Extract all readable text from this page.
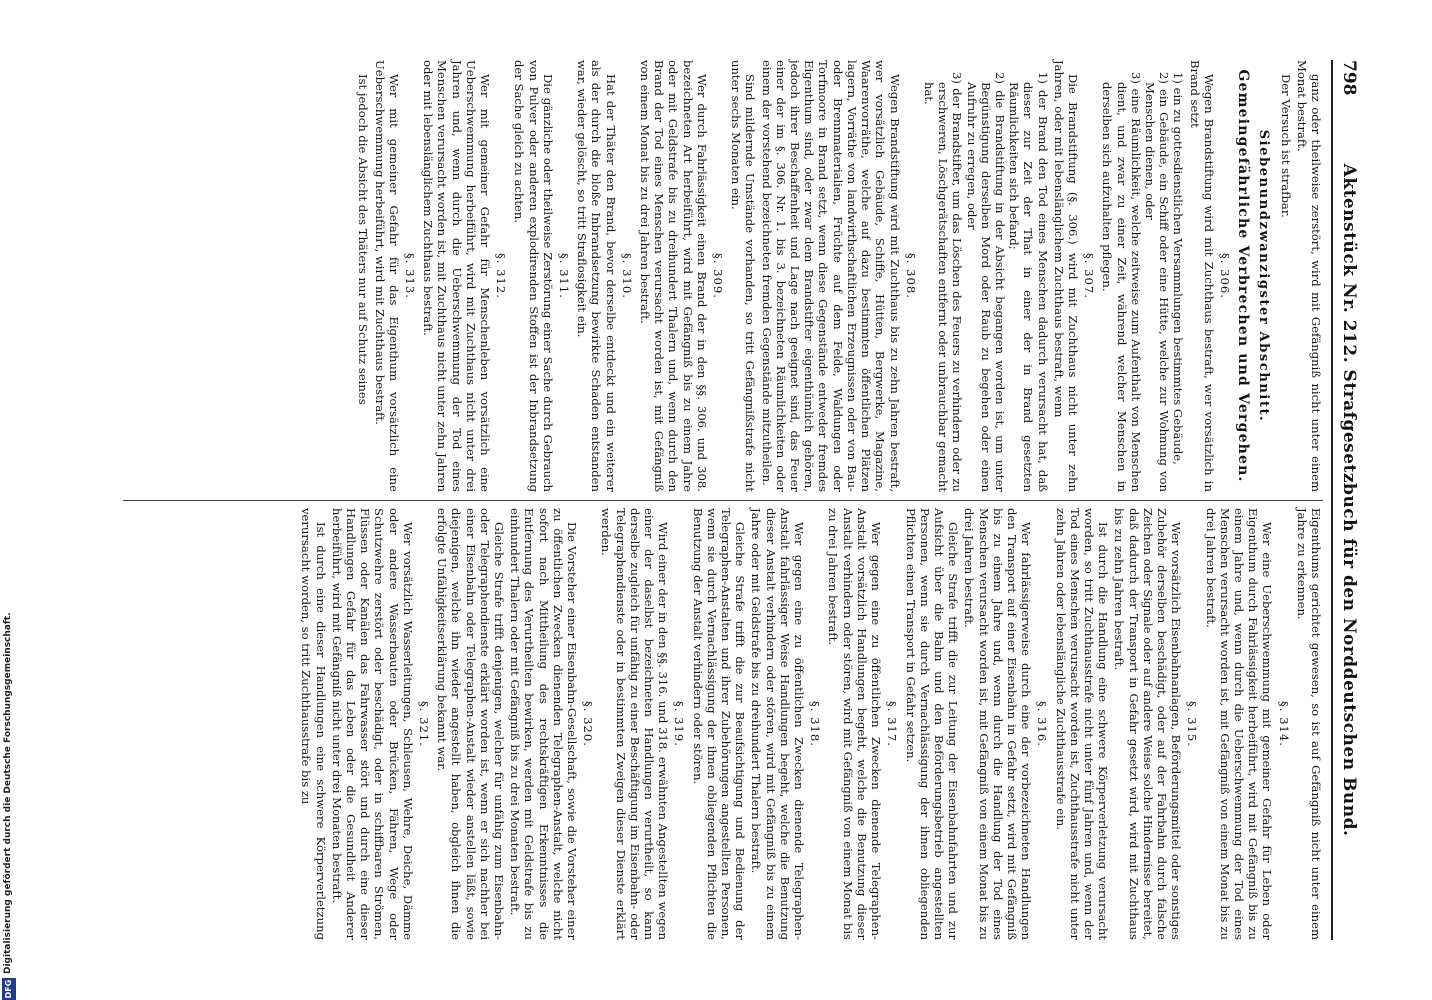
798
Aktenstück Nr. 212. Strafgesetzbuch für den Norddeutschen Bund.

ganz oder theilweise zerstört, wird mit Gefängniß nicht unter einem Monat bestraft.

Der Versuch ist strafbar.

Siebenundzwanzigster Abschnitt.
Gemeingefährliche Verbrechen und Vergehen.
§. 306.

Wegen Brandstiftung wird mit Zuchthaus bestraft, wer vorsätzlich in Brand setzt

1) ein zu gottesdienstlichen Versammlungen bestimmtes Gebäude,
2) ein Gebäude, ein Schiff oder eine Hütte, welche zur Wohnung von Menschen dienen, oder
3) eine Räumlichkeit, welche zeitweise zum Aufenthalt von Menschen dient, und zwar zu einer Zeit, während welcher Menschen in derselben sich aufzuhalten pflegen.
§. 307.

Die Brandstiftung (§. 306.) wird mit Zuchthaus nicht unter zehn Jahren, oder mit lebenslänglichem Zuchthaus bestraft, wenn

1) der Brand den Tod eines Menschen dadurch verursacht hat, daß dieser zur Zeit der That in einer der in Brand gesetzten Räumlichkeiten sich befand;
2) die Brandstiftung in der Absicht begangen worden ist, um unter Begünstigung derselben Mord oder Raub zu begehen oder einen Aufruhr zu erregen, oder
3) der Brandstifter, um das Löschen des Feuers zu verhindern oder zu erschweren, Löschgerätschaften entfernt oder unbrauchbar gemacht hat.
§. 308.

Wegen Brandstiftung wird mit Zuchthaus bis zu zehn Jahren bestraft, wer vorsätzlich Gebäude, Schiffe, Hütten, Bergwerke, Magazine, Waarenvorräthe, welche auf dazu bestimmten öffentlichen Plätzen lagern, Vorräthe von landwirthschaftlichen Erzeugnissen oder von Bau- oder Brennmaterialien, Früchte auf dem Felde, Waldungen oder Torfmoore in Brand setzt, wenn diese Gegenstände entweder fremdes Eigenthum sind, oder zwar dem Brandstifter eigenthümlich gehören, jedoch ihrer Beschaffenheit und Lage nach geeignet sind, das Feuer einer der im §. 306. Nr. 1. bis 3. bezeichneten Räumlichkeiten oder einem der vorstehend bezeichneten fremden Gegenstände mitzutheilen.

Sind mildernde Umstände vorhanden, so tritt Gefängnißstrafe nicht unter sechs Monaten ein.

§. 309.

Wer durch Fahrlässigkeit einen Brand der in den §§. 306. und 308. bezeichneten Art herbeiführt, wird mit Gefängniß bis zu einem Jahre oder mit Geldstrafe bis zu dreihundert Thalern und, wenn durch den Brand der Tod eines Menschen verursacht worden ist, mit Gefängniß von einem Monat bis zu drei Jahren bestraft.

§. 310.

Hat der Thäter den Brand, bevor derselbe entdeckt und ein weiterer als der durch die bloße Inbrandsetzung bewirkte Schaden entstanden war, wieder gelöscht, so tritt Straflosigkeit ein.

§. 311.

Die gänzliche oder theilweise Zerstörung einer Sache durch Gebrauch von Pulver oder anderen explodirenden Stoffen ist der Inbrandsetzung der Sache gleich zu achten.

§. 312.

Wer mit gemeiner Gefahr für Menschenleben vorsätzlich eine Ueberschwemmung herbeiführt, wird mit Zuchthaus nicht unter drei Jahren und, wenn durch die Ueberschwemmung der Tod eines Menschen verursacht worden ist, mit Zuchthaus nicht unter zehn Jahren oder mit lebenslänglichem Zuchthaus bestraft.

§. 313.

Wer mit gemeiner Gefahr für das Eigenthum vorsätzlich eine Ueberschwemmung herbeiführt, wird mit Zuchthaus bestraft.

Ist jedoch die Absicht des Thäters nur auf Schutz seines

Eigenthums gerichtet gewesen, so ist auf Gefängniß nicht unter einem Jahre zu erkennen.

§. 314.

Wer eine Ueberschwemmung mit gemeiner Gefahr für Leben oder Eigenthum durch Fahrlässigkeit herbeiführt, wird mit Gefängniß bis zu einem Jahre und, wenn durch die Ueberschwemmung der Tod eines Menschen verursacht worden ist, mit Gefängniß von einem Monat bis zu drei Jahren bestraft.

§. 315.

Wer vorsätzlich Eisenbahnanlagen, Beförderungsmittel oder sonstiges Zubehör derselben beschädigt, oder auf der Fahrbahn durch falsche Zeichen oder Signale oder auf andere Weise solche Hindernisse bereitet, daß dadurch der Transport in Gefahr gesetzt wird, wird mit Zuchthaus bis zu zehn Jahren bestraft.

Ist durch die Handlung eine schwere Körperverletzung verursacht worden, so tritt Zuchthausstrafe nicht unter fünf Jahren und, wenn der Tod eines Menschen verursacht worden ist, Zuchthausstrafe nicht unter zehn Jahren oder lebenslängliche Zuchthausstrafe ein.

§. 316.

Wer fahrlässigerweise durch eine der vorbezeichneten Handlungen den Transport auf einer Eisenbahn in Gefahr setzt, wird mit Gefängniß bis zu einem Jahre und, wenn durch die Handlung der Tod eines Menschen verursacht worden ist, mit Gefängniß von einem Monat bis zu drei Jahren bestraft.

Gleiche Strafe trifft die zur Leitung der Eisenbahnfahrten und zur Aufsicht über die Bahn und den Beförderungsbetrieb angestellten Personen, wenn sie durch Vernachlässigung der ihnen obliegenden Pflichten einen Transport in Gefahr setzen.

§. 317.

Wer gegen eine zu öffentlichen Zwecken dienende Telegraphen-Anstalt vorsätzlich Handlungen begeht, welche die Benutzung dieser Anstalt verhindern oder stören, wird mit Gefängniß von einem Monat bis zu drei Jahren bestraft.

§. 318.

Wer gegen eine zu öffentlichen Zwecken dienende Telegraphen-Anstalt fahrlässiger Weise Handlungen begeht, welche die Benutzung dieser Anstalt verhindern oder stören, wird mit Gefängniß bis zu einem Jahre oder mit Geldstrafe bis zu dreihundert Thalern bestraft.

Gleiche Strafe trifft die zur Beaufsichtigung und Bedienung der Telegraphen-Anstalten und ihrer Zubehörungen angestellten Personen, wenn sie durch Vernachlässigung der ihnen obliegenden Pflichten die Benutzung der Anstalt verhindern oder stören.

§. 319.

Wird einer der in den §§. 316. und 318. erwähnten Angestellten wegen einer der daselbst bezeichneten Handlungen verurtheilt, so kann derselbe zugleich für unfähig zu einer Beschäftigung im Eisenbahn- oder Telegraphendienste oder in bestimmten Zweigen dieser Dienste erklärt werden.

§. 320.

Die Vorsteher einer Eisenbahn-Gesellschaft, sowie die Vorsteher einer zu öffentlichen Zwecken dienenden Telegraphen-Anstalt, welche nicht sofort nach Mittheilung des rechtskräftigen Erkenntnisses die Entfernung des Verurtheilten bewirken, werden mit Geldstrafe bis zu einhundert Thalern oder mit Gefängniß bis zu drei Monaten bestraft.

Gleiche Strafe trifft denjenigen, welcher für unfähig zum Eisenbahn- oder Telegraphendienste erklärt worden ist, wenn er sich nachher bei einer Eisenbahn oder Telegraphen-Anstalt wieder anstellen läßt, sowie diejenigen, welche ihn wieder angestellt haben, obgleich ihnen die erfolgte Unfähigkeitserklärung bekannt war.

§. 321.

Wer vorsätzlich Wasserleitungen, Schleusen, Wehre, Deiche, Dämme oder andere Wasserbauten oder Brücken, Fähren, Wege oder Schutzwehre zerstört oder beschädigt, oder in schiffbaren Strömen, Flüssen oder Kanälen das Fahrwasser stört und durch eine dieser Handlungen Gefahr für das Leben oder die Gesundheit Anderer herbeiführt, wird mit Gefängniß nicht unter drei Monaten bestraft.

Ist durch eine dieser Handlungen eine schwere Körperverletzung verursacht worden, so tritt Zuchthausstrafe bis zu

DFG
Digitalisierung gefördert durch die Deutsche Forschungsgemeinschaft.
